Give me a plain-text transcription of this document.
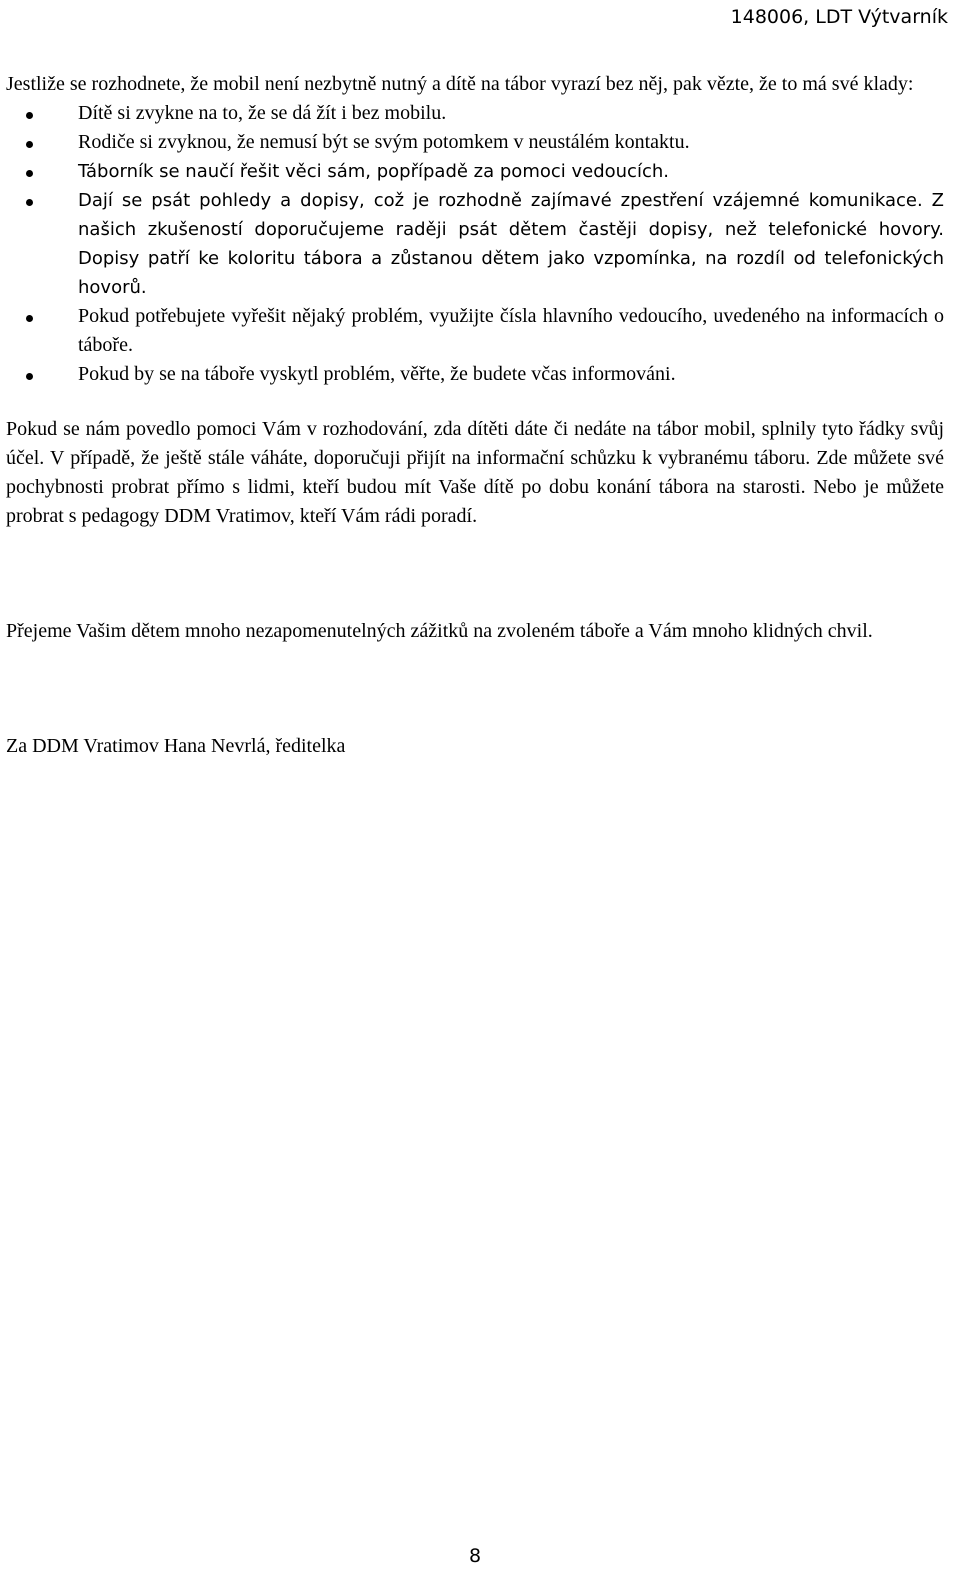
148006, LDT Výtvarník

Jestliže se rozhodnete, že mobil není nezbytně nutný a dítě na tábor vyrazí bez něj, pak vězte, že to má své klady:

Dítě si zvykne na to, že se dá žít i bez mobilu.
Rodiče si zvyknou, že nemusí být se svým potomkem v neustálém kontaktu.
Táborník se naučí řešit věci sám, popřípadě za pomoci vedoucích.
Dají se psát pohledy a dopisy, což je rozhodně zajímavé zpestření vzájemné komunikace. Z našich zkušeností doporučujeme raději psát dětem častěji dopisy, než telefonické hovory. Dopisy patří ke koloritu tábora a zůstanou dětem jako vzpomínka, na rozdíl od telefonických hovorů.
Pokud potřebujete vyřešit nějaký problém, využijte čísla hlavního vedoucího, uvedeného na informacích o táboře.
Pokud by se na táboře vyskytl problém, věřte, že budete včas informováni.

Pokud se nám povedlo pomoci Vám v rozhodování, zda dítěti dáte či nedáte na tábor mobil, splnily tyto řádky svůj účel. V případě, že ještě stále váháte, doporučuji přijít na informační schůzku k vybranému táboru. Zde můžete své pochybnosti probrat přímo s lidmi, kteří budou mít Vaše dítě po dobu konání tábora na starosti. Nebo je můžete probrat s pedagogy DDM Vratimov, kteří Vám rádi poradí.

Přejeme Vašim dětem mnoho nezapomenutelných zážitků na zvoleném táboře a Vám mnoho klidných chvil.

Za DDM Vratimov Hana Nevrlá, ředitelka

8
